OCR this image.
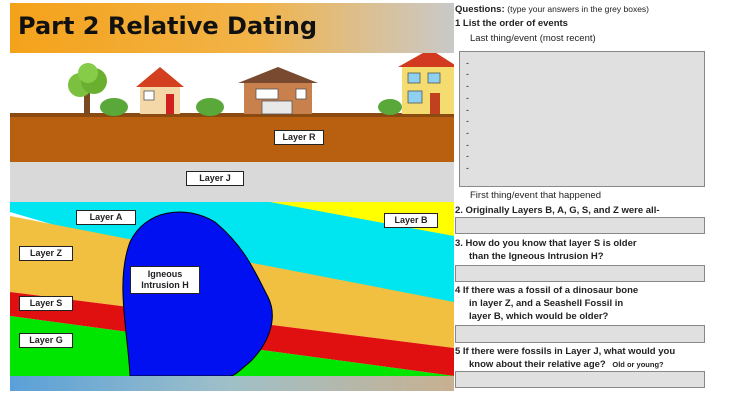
Part 2 Relative Dating
Layer R
Layer J
Layer A	Layer B
Layer Z
Layer S
Layer G
Igneous Intrusion H
Questions: (type your answers in the grey boxes)
1 List the order of events
Last thing/event (most recent)
-
-
-
-
-
-
-
-
-
-
First thing/event that happened
2. Originally Layers B, A, G, S, and Z were all-
3. How do you know that layer S is older
than the Igneous Intrusion H?
4 If there was a fossil of a dinosaur bone
in layer Z, and a Seashell Fossil in
layer B, which would be older?
5 If there were fossils in Layer J, what would you
know about their relative age? Old or young?
